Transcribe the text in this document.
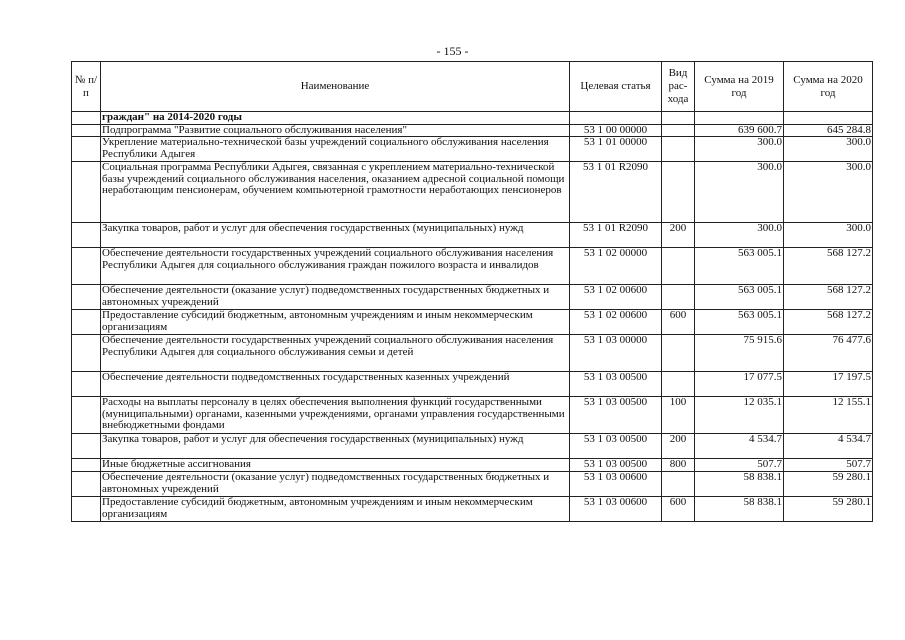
- 155 -
№ п/п	Наименование	Целевая статья	Вид рас-хода	Сумма на 2019 год	Сумма на 2020 год
	граждан" на 2014-2020 годы				
	Подпрограмма "Развитие социального обслуживания населения"	53 1 00 00000		639 600.7	645 284.8
	Укрепление материально-технической базы учреждений социального обслуживания населения Республики Адыгея	53 1 01 00000		300.0	300.0
	Социальная программа Республики Адыгея, связанная с укреплением материально-технической базы учреждений социального обслуживания населения, оказанием адресной социальной помощи неработающим пенсионерам, обучением компьютерной грамотности неработающих пенсионеров	53 1 01 R2090		300.0	300.0
	Закупка товаров, работ и услуг для обеспечения государственных (муниципальных) нужд	53 1 01 R2090	200	300.0	300.0
	Обеспечение деятельности государственных учреждений социального обслуживания населения Республики Адыгея для социального обслуживания граждан пожилого возраста и инвалидов	53 1 02 00000		563 005.1	568 127.2
	Обеспечение деятельности (оказание услуг) подведомственных государственных бюджетных и автономных учреждений	53 1 02 00600		563 005.1	568 127.2
	Предоставление субсидий бюджетным, автономным учреждениям и иным некоммерческим организациям	53 1 02 00600	600	563 005.1	568 127.2
	Обеспечение деятельности государственных учреждений социального обслуживания населения Республики Адыгея для социального обслуживания семьи и детей	53 1 03 00000		75 915.6	76 477.6
	Обеспечение деятельности подведомственных государственных казенных учреждений	53 1 03 00500		17 077.5	17 197.5
	Расходы на выплаты персоналу в целях обеспечения выполнения функций государственными (муниципальными) органами, казенными учреждениями, органами управления государственными внебюджетными фондами	53 1 03 00500	100	12 035.1	12 155.1
	Закупка товаров, работ и услуг для обеспечения государственных (муниципальных) нужд	53 1 03 00500	200	4 534.7	4 534.7
	Иные бюджетные ассигнования	53 1 03 00500	800	507.7	507.7
	Обеспечение деятельности (оказание услуг) подведомственных государственных бюджетных и автономных учреждений	53 1 03 00600		58 838.1	59 280.1
	Предоставление субсидий бюджетным, автономным учреждениям и иным некоммерческим организациям	53 1 03 00600	600	58 838.1	59 280.1
